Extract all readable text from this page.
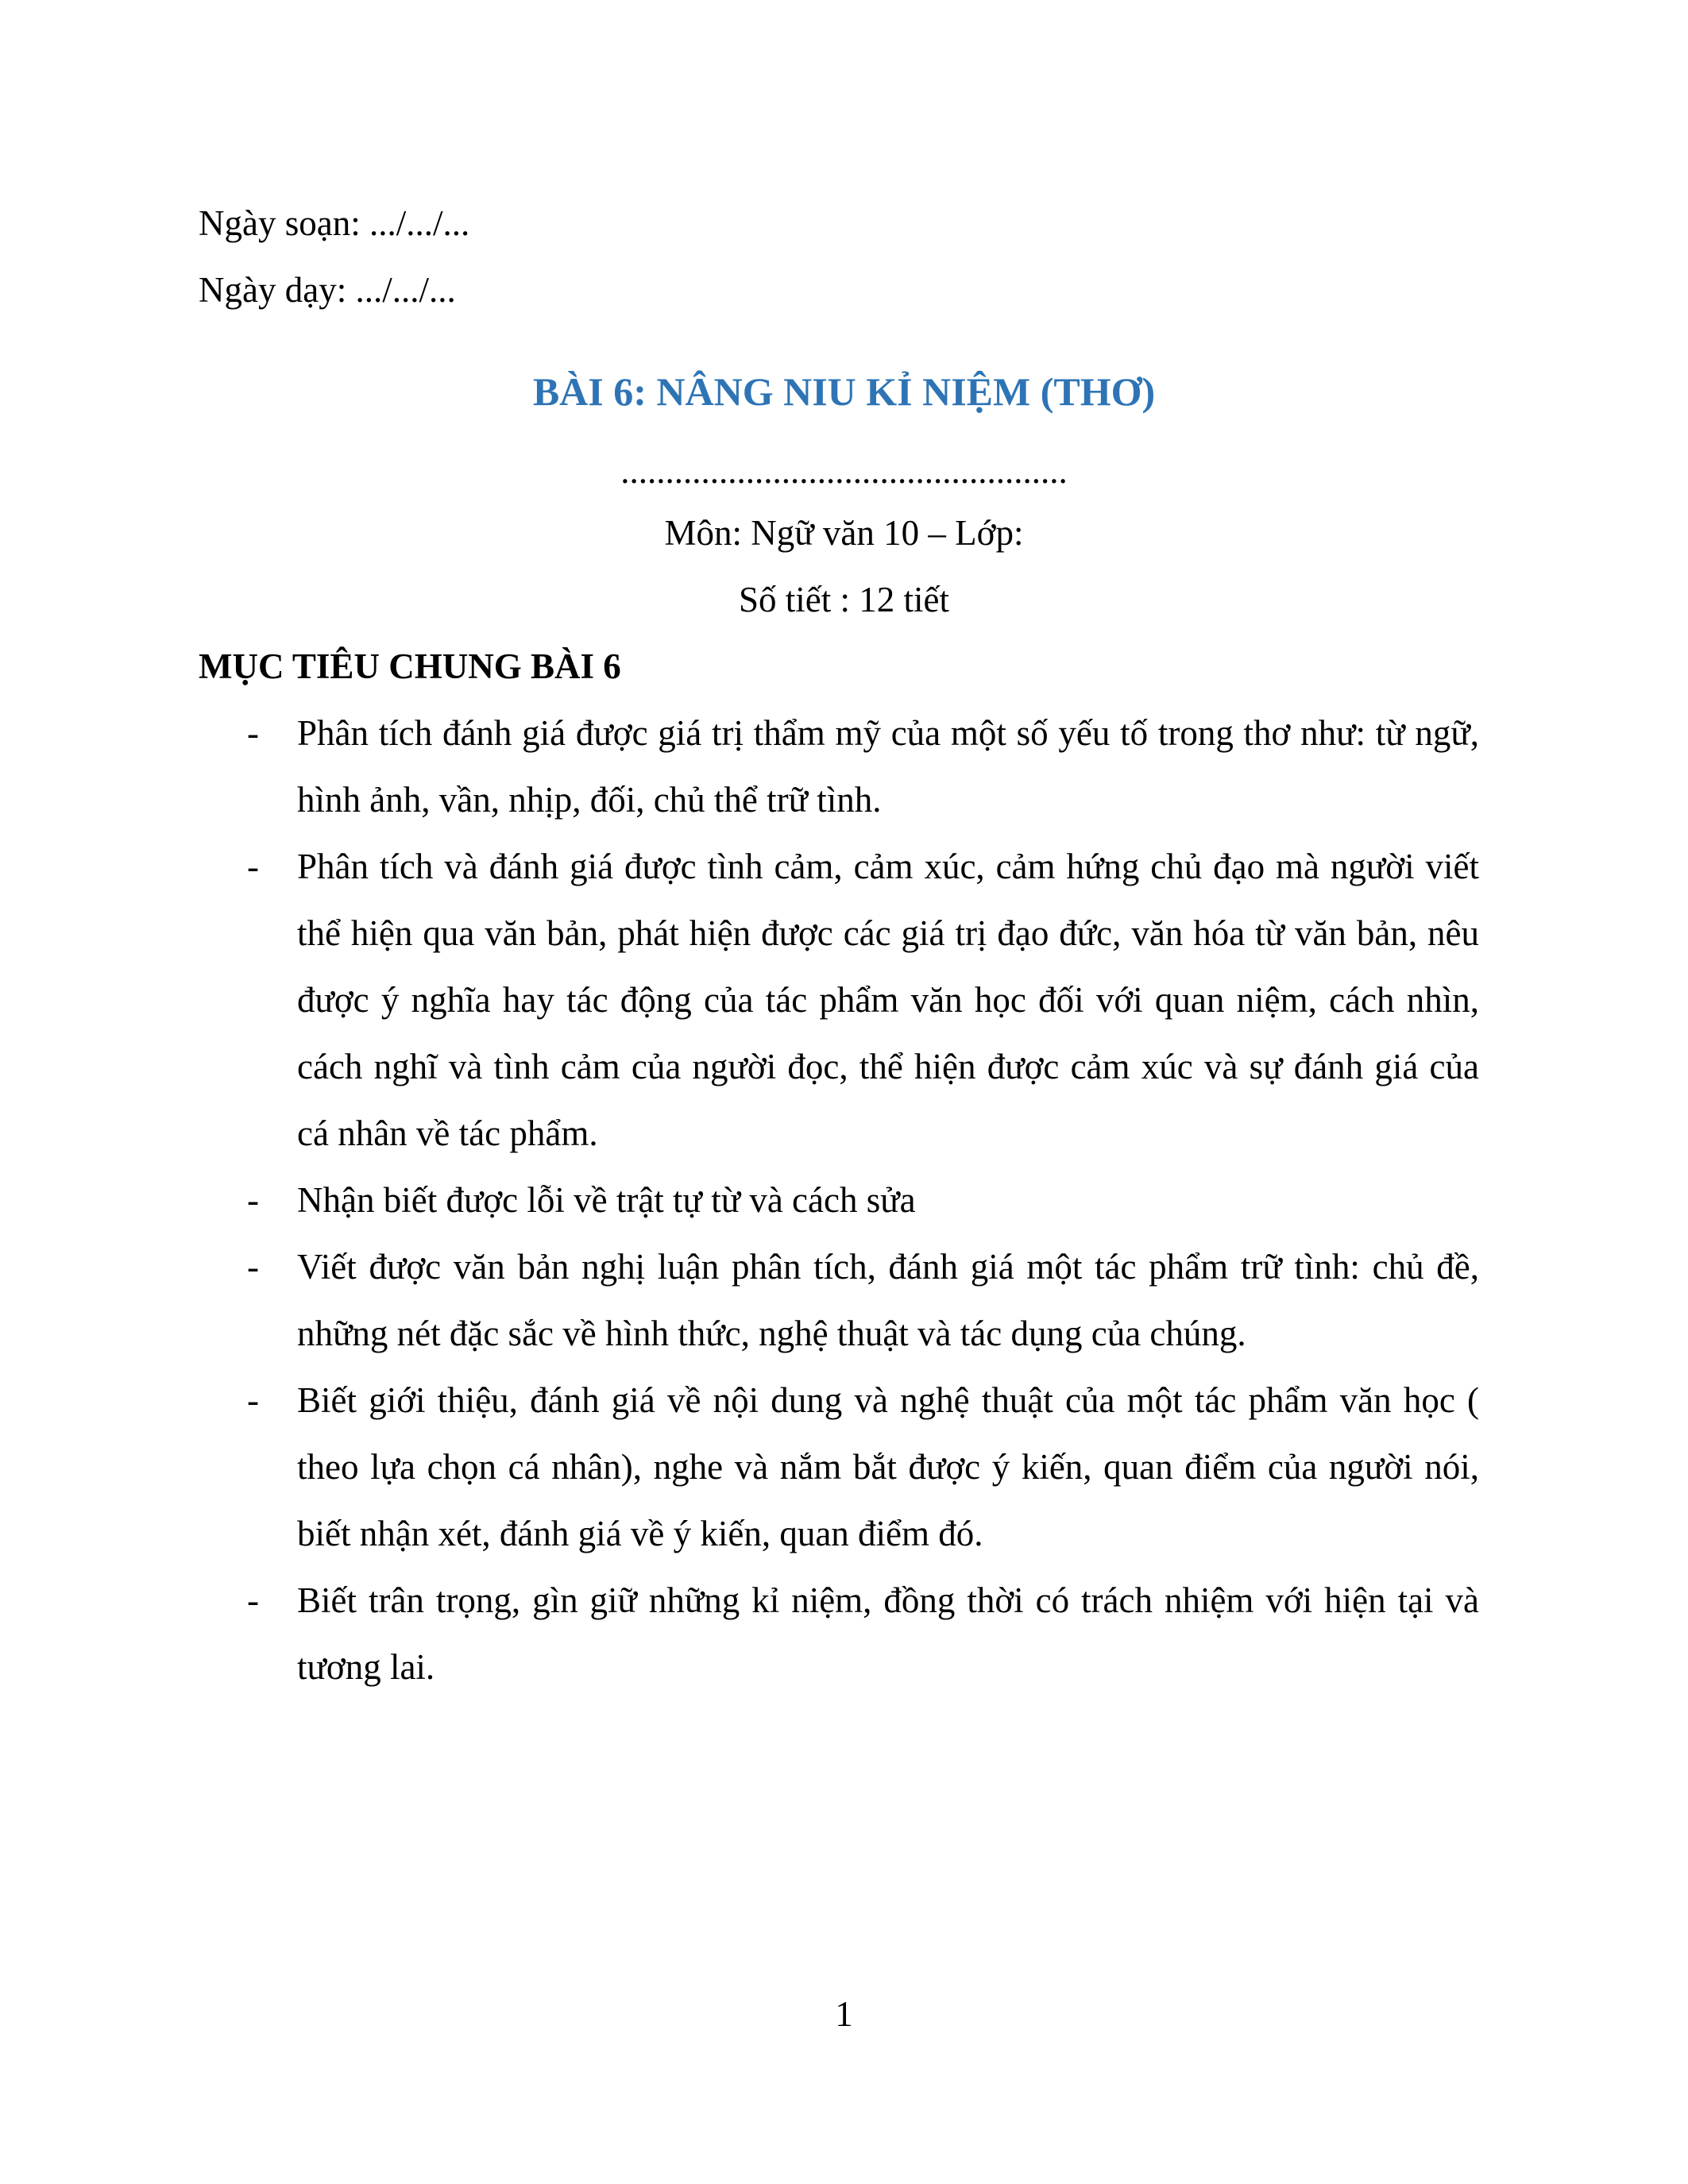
Ngày soạn: .../.../...
Ngày dạy: .../.../...
BÀI 6: NÂNG NIU KỈ NIỆM (THƠ)
..................................................
Môn: Ngữ văn 10 – Lớp:
Số tiết : 12 tiết
MỤC TIÊU CHUNG BÀI 6
- Phân tích đánh giá được giá trị thẩm mỹ của một số yếu tố trong thơ như: từ ngữ, hình ảnh, vần, nhịp, đối, chủ thể trữ tình.
- Phân tích và đánh giá được tình cảm, cảm xúc, cảm hứng chủ đạo mà người viết thể hiện qua văn bản, phát hiện được các giá trị đạo đức, văn hóa từ văn bản, nêu được ý nghĩa hay tác động của tác phẩm văn học đối với quan niệm, cách nhìn, cách nghĩ và tình cảm của người đọc, thể hiện được cảm xúc và sự đánh giá của cá nhân về tác phẩm.
- Nhận biết được lỗi về trật tự từ và cách sửa
- Viết được văn bản nghị luận phân tích, đánh giá một tác phẩm trữ tình: chủ đề, những nét đặc sắc về hình thức, nghệ thuật và tác dụng của chúng.
- Biết giới thiệu, đánh giá về nội dung và nghệ thuật của một tác phẩm văn học ( theo lựa chọn cá nhân), nghe và nắm bắt được ý kiến, quan điểm của người nói, biết nhận xét, đánh giá về ý kiến, quan điểm đó.
- Biết trân trọng, gìn giữ những kỉ niệm, đồng thời có trách nhiệm với hiện tại và tương lai.
1
